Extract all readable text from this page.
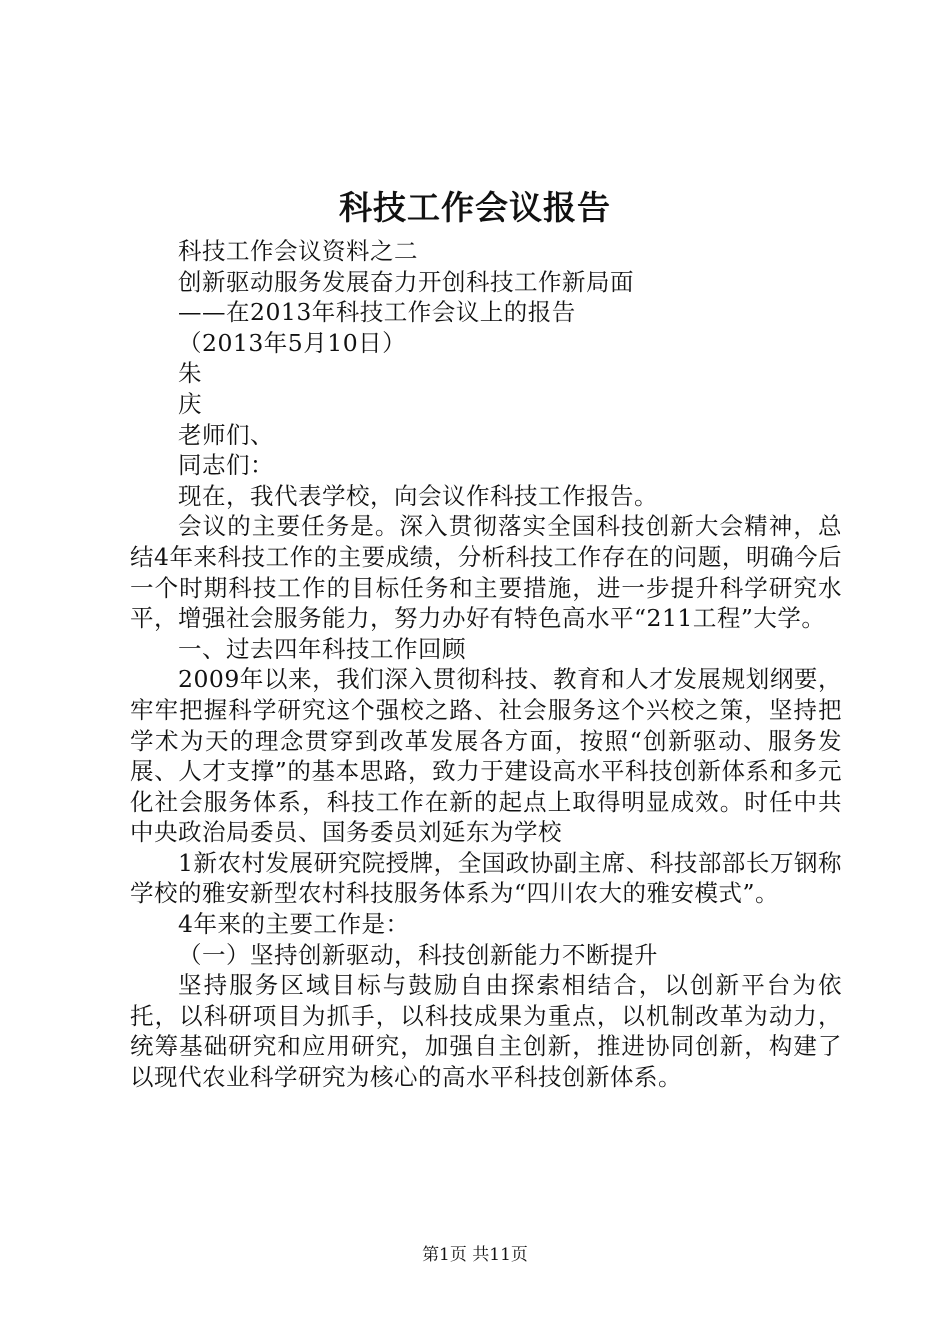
科技工作会议报告
科技工作会议资料之二
创新驱动服务发展奋力开创科技工作新局面
——在2013年科技工作会议上的报告
（2013年5月10日）
朱
庆
老师们、
同志们：
现在，我代表学校，向会议作科技工作报告。
会议的主要任务是。深入贯彻落实全国科技创新大会精神，总结4年来科技工作的主要成绩，分析科技工作存在的问题，明确今后一个时期科技工作的目标任务和主要措施，进一步提升科学研究水平，增强社会服务能力，努力办好有特色高水平“211工程”大学。
一、过去四年科技工作回顾
2009年以来，我们深入贯彻科技、教育和人才发展规划纲要，牢牢把握科学研究这个强校之路、社会服务这个兴校之策，坚持把学术为天的理念贯穿到改革发展各方面，按照“创新驱动、服务发展、人才支撑”的基本思路，致力于建设高水平科技创新体系和多元化社会服务体系，科技工作在新的起点上取得明显成效。时任中共中央政治局委员、国务委员刘延东为学校
1新农村发展研究院授牌，全国政协副主席、科技部部长万钢称学校的雅安新型农村科技服务体系为“四川农大的雅安模式”。
4年来的主要工作是：
（一）坚持创新驱动，科技创新能力不断提升
坚持服务区域目标与鼓励自由探索相结合，以创新平台为依托，以科研项目为抓手，以科技成果为重点，以机制改革为动力，统筹基础研究和应用研究，加强自主创新，推进协同创新，构建了以现代农业科学研究为核心的高水平科技创新体系。
第1页 共11页
